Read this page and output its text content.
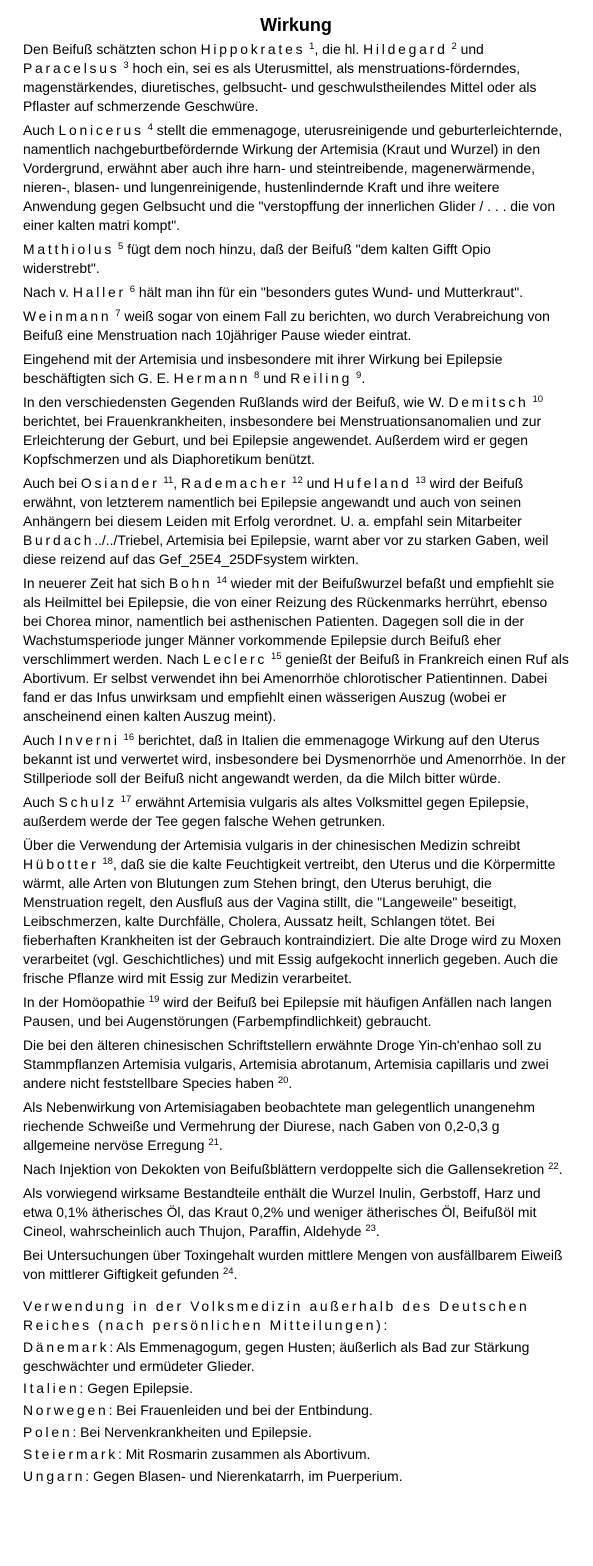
Wirkung

Den Beifuß schätzten schon Hippokrates $^1$, die hl. Hildegard $^2$ und Paracelsus $^3$ hoch ein, sei es als Uterusmittel, als menstruations-förderndes, magenstärkendes, diuretisches, gelbsucht- und geschwulstheilendes Mittel oder als Pflaster auf schmerzende Geschwüre.

Auch Lonicerus $^4$ stellt die emmenagoge, uterusreinigende und geburterleichternde, namentlich nachgeburtbefördernde Wirkung der Artemisia (Kraut und Wurzel) in den Vordergrund, erwähnt aber auch ihre harn- und steintreibende, magenerwärmende, nieren-, blasen- und lungenreinigende, hustenlindernde Kraft und ihre weitere Anwendung gegen Gelbsucht und die "verstopffung der innerlichen Glider / . . . die von einer kalten matri kompt".

Matthiolus $^5$ fügt dem noch hinzu, daß der Beifuß "dem kalten Gifft Opio widerstrebt".

Nach v. Haller $^6$ hält man ihn für ein "besonders gutes Wund- und Mutterkraut".

Weinmann $^7$ weiß sogar von einem Fall zu berichten, wo durch Verabreichung von Beifuß eine Menstruation nach 10jähriger Pause wieder eintrat.

Eingehend mit der Artemisia und insbesondere mit ihrer Wirkung bei Epilepsie beschäftigten sich G. E. Hermann $^8$ und Reiling $^9$.

In den verschiedensten Gegenden Rußlands wird der Beifuß, wie W. Demitsch $^{10}$ berichtet, bei Frauenkrankheiten, insbesondere bei Menstruationsanomalien und zur Erleichterung der Geburt, und bei Epilepsie angewendet. Außerdem wird er gegen Kopfschmerzen und als Diaphoretikum benützt.

Auch bei Osiander $^{11}$, Rademacher $^{12}$ und Hufeland $^{13}$ wird der Beifuß erwähnt, von letzterem namentlich bei Epilepsie angewandt und auch von seinen Anhängern bei diesem Leiden mit Erfolg verordnet. U. a. empfahl sein Mitarbeiter Burdach../../Triebel, Artemisia bei Epilepsie, warnt aber vor zu starken Gaben, weil diese reizend auf das Gef_25E4_25DFsystem wirkten.

In neuerer Zeit hat sich Bohn $^{14}$ wieder mit der Beifußwurzel befaßt und empfiehlt sie als Heilmittel bei Epilepsie, die von einer Reizung des Rückenmarks herrührt, ebenso bei Chorea minor, namentlich bei asthenischen Patienten. Dagegen soll die in der Wachstumsperiode junger Männer vorkommende Epilepsie durch Beifuß eher verschlimmert werden. Nach Leclerc $^{15}$ genießt der Beifuß in Frankreich einen Ruf als Abortivum. Er selbst verwendet ihn bei Amenorrhöe chlorotischer Patientinnen. Dabei fand er das Infus unwirksam und empfiehlt einen wässerigen Auszug (wobei er anscheinend einen kalten Auszug meint).

Auch Inverni $^{16}$ berichtet, daß in Italien die emmenagoge Wirkung auf den Uterus bekannt ist und verwertet wird, insbesondere bei Dysmenorrhöe und Amenorrhöe. In der Stillperiode soll der Beifuß nicht angewandt werden, da die Milch bitter würde.

Auch Schulz $^{17}$ erwähnt Artemisia vulgaris als altes Volksmittel gegen Epilepsie, außerdem werde der Tee gegen falsche Wehen getrunken.

Über die Verwendung der Artemisia vulgaris in der chinesischen Medizin schreibt Hübotter $^{18}$, daß sie die kalte Feuchtigkeit vertreibt, den Uterus und die Körpermitte wärmt, alle Arten von Blutungen zum Stehen bringt, den Uterus beruhigt, die Menstruation regelt, den Ausfluß aus der Vagina stillt, die "Langeweile" beseitigt, Leibschmerzen, kalte Durchfälle, Cholera, Aussatz heilt, Schlangen tötet. Bei fieberhaften Krankheiten ist der Gebrauch kontraindiziert. Die alte Droge wird zu Moxen verarbeitet (vgl. Geschichtliches) und mit Essig aufgekocht innerlich gegeben. Auch die frische Pflanze wird mit Essig zur Medizin verarbeitet.

In der Homöopathie $^{19}$ wird der Beifuß bei Epilepsie mit häufigen Anfällen nach langen Pausen, und bei Augenstörungen (Farbempfindlichkeit) gebraucht.

Die bei den älteren chinesischen Schriftstellern erwähnte Droge Yin-ch'enhao soll zu Stammpflanzen Artemisia vulgaris, Artemisia abrotanum, Artemisia capillaris und zwei andere nicht feststellbare Species haben $^{20}$.

Als Nebenwirkung von Artemisiagaben beobachtete man gelegentlich unangenehm riechende Schweiße und Vermehrung der Diurese, nach Gaben von 0,2-0,3 g allgemeine nervöse Erregung $^{21}$.

Nach Injektion von Dekokten von Beifußblättern verdoppelte sich die Gallensekretion $^{22}$.

Als vorwiegend wirksame Bestandteile enthält die Wurzel Inulin, Gerbstoff, Harz und etwa 0,1% ätherisches Öl, das Kraut 0,2% und weniger ätherisches Öl, Beifußöl mit Cineol, wahrscheinlich auch Thujon, Paraffin, Aldehyde $^{23}$.

Bei Untersuchungen über Toxingehalt wurden mittlere Mengen von ausfällbarem Eiweiß von mittlerer Giftigkeit gefunden $^{24}$.

Verwendung in der Volksmedizin außerhalb des Deutschen Reiches (nach persönlichen Mitteilungen):
Dänemark: Als Emmenagogum, gegen Husten; äußerlich als Bad zur Stärkung geschwächter und ermüdeter Glieder.
Italien: Gegen Epilepsie.
Norwegen: Bei Frauenleiden und bei der Entbindung.
Polen: Bei Nervenkrankheiten und Epilepsie.
Steiermark: Mit Rosmarin zusammen als Abortivum.
Ungarn: Gegen Blasen- und Nierenkatarrh, im Puerperium.
